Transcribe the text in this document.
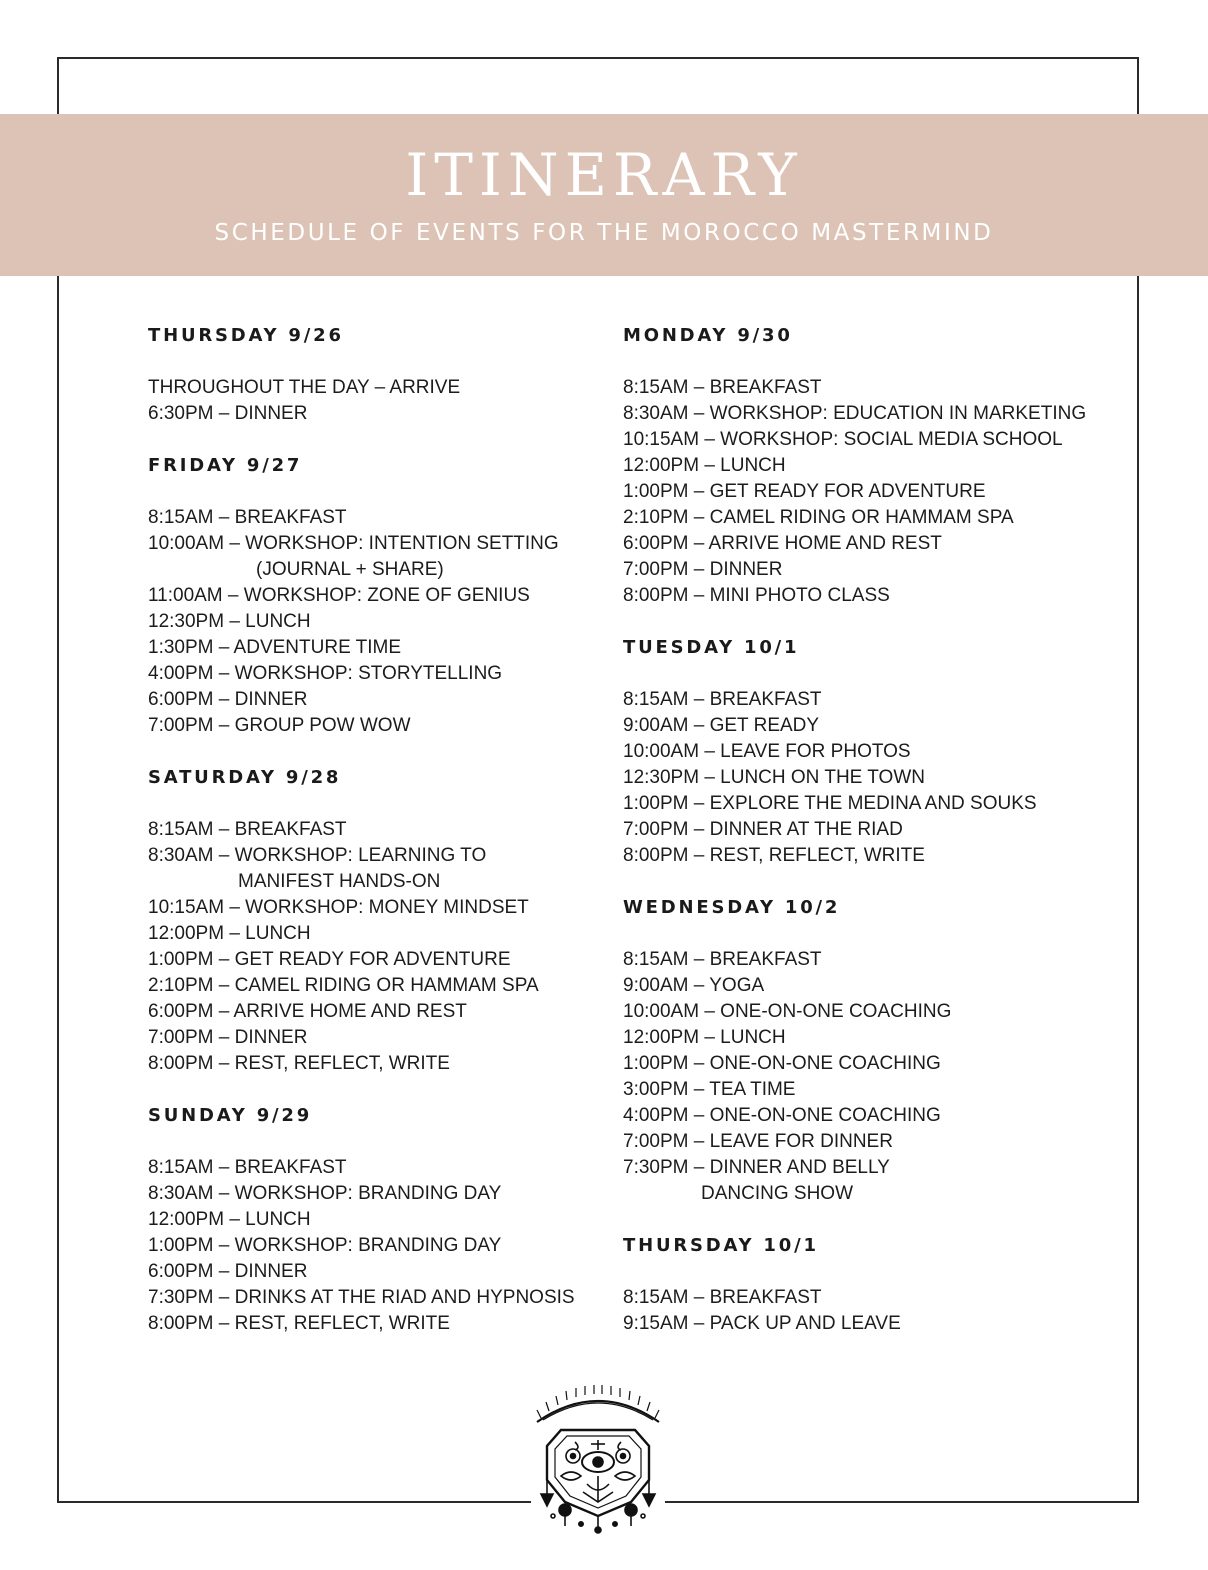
ITINERARY

SCHEDULE OF EVENTS FOR THE MOROCCO MASTERMIND

THURSDAY 9/26
THROUGHOUT THE DAY – ARRIVE
6:30PM – DINNER
FRIDAY 9/27
8:15AM – BREAKFAST
10:00AM – WORKSHOP: INTENTION SETTING
(JOURNAL + SHARE)
11:00AM – WORKSHOP: ZONE OF GENIUS
12:30PM – LUNCH
1:30PM – ADVENTURE TIME
4:00PM – WORKSHOP: STORYTELLING
6:00PM – DINNER
7:00PM – GROUP POW WOW
SATURDAY 9/28
8:15AM – BREAKFAST
8:30AM – WORKSHOP: LEARNING TO
MANIFEST HANDS-ON
10:15AM – WORKSHOP: MONEY MINDSET
12:00PM – LUNCH
1:00PM – GET READY FOR ADVENTURE
2:10PM – CAMEL RIDING OR HAMMAM SPA
6:00PM – ARRIVE HOME AND REST
7:00PM – DINNER
8:00PM – REST, REFLECT, WRITE
SUNDAY 9/29
8:15AM – BREAKFAST
8:30AM – WORKSHOP: BRANDING DAY
12:00PM – LUNCH
1:00PM – WORKSHOP: BRANDING DAY
6:00PM – DINNER
7:30PM – DRINKS AT THE RIAD AND HYPNOSIS
8:00PM – REST, REFLECT, WRITE
MONDAY 9/30
8:15AM – BREAKFAST
8:30AM – WORKSHOP: EDUCATION IN MARKETING
10:15AM – WORKSHOP: SOCIAL MEDIA SCHOOL
12:00PM – LUNCH
1:00PM – GET READY FOR ADVENTURE
2:10PM – CAMEL RIDING OR HAMMAM SPA
6:00PM – ARRIVE HOME AND REST
7:00PM – DINNER
8:00PM – MINI PHOTO CLASS
TUESDAY 10/1
8:15AM – BREAKFAST
9:00AM – GET READY
10:00AM – LEAVE FOR PHOTOS
12:30PM – LUNCH ON THE TOWN
1:00PM – EXPLORE THE MEDINA AND SOUKS
7:00PM – DINNER AT THE RIAD
8:00PM – REST, REFLECT, WRITE
WEDNESDAY 10/2
8:15AM – BREAKFAST
9:00AM – YOGA
10:00AM – ONE-ON-ONE COACHING
12:00PM – LUNCH
1:00PM – ONE-ON-ONE COACHING
3:00PM – TEA TIME
4:00PM – ONE-ON-ONE COACHING
7:00PM – LEAVE FOR DINNER
7:30PM – DINNER AND BELLY
DANCING SHOW
THURSDAY 10/1
8:15AM – BREAKFAST
9:15AM – PACK UP AND LEAVE
